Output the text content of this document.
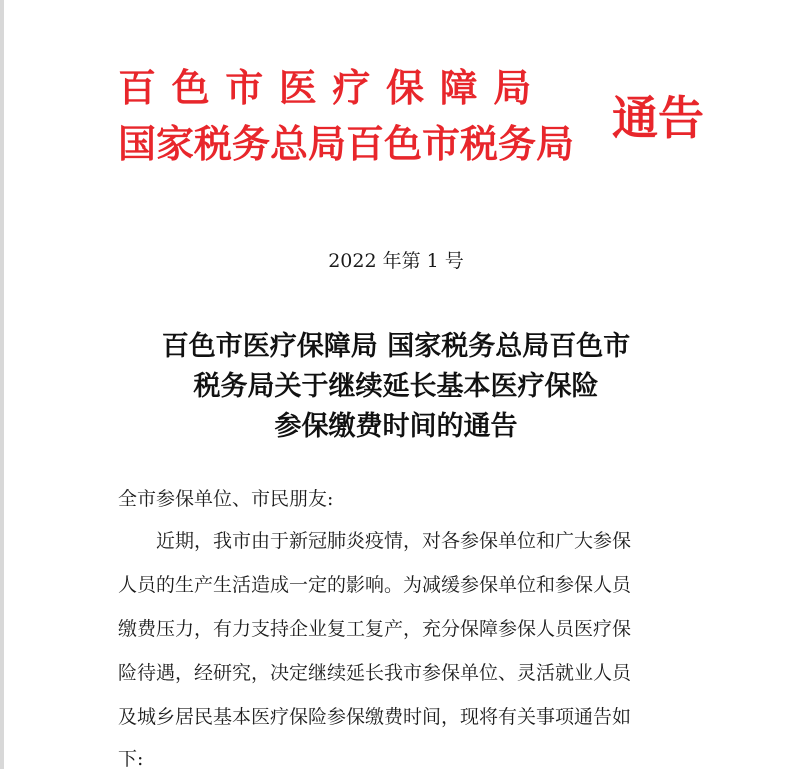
百色市医疗保障局
国家税务总局百色市税务局 通告
2022 年第 1 号
百色市医疗保障局 国家税务总局百色市
税务局关于继续延长基本医疗保险
参保缴费时间的通告
全市参保单位、市民朋友:
近期，我市由于新冠肺炎疫情，对各参保单位和广大参保
人员的生产生活造成一定的影响。为减缓参保单位和参保人员
缴费压力，有力支持企业复工复产，充分保障参保人员医疗保
险待遇，经研究，决定继续延长我市参保单位、灵活就业人员
及城乡居民基本医疗保险参保缴费时间，现将有关事项通告如
下:
